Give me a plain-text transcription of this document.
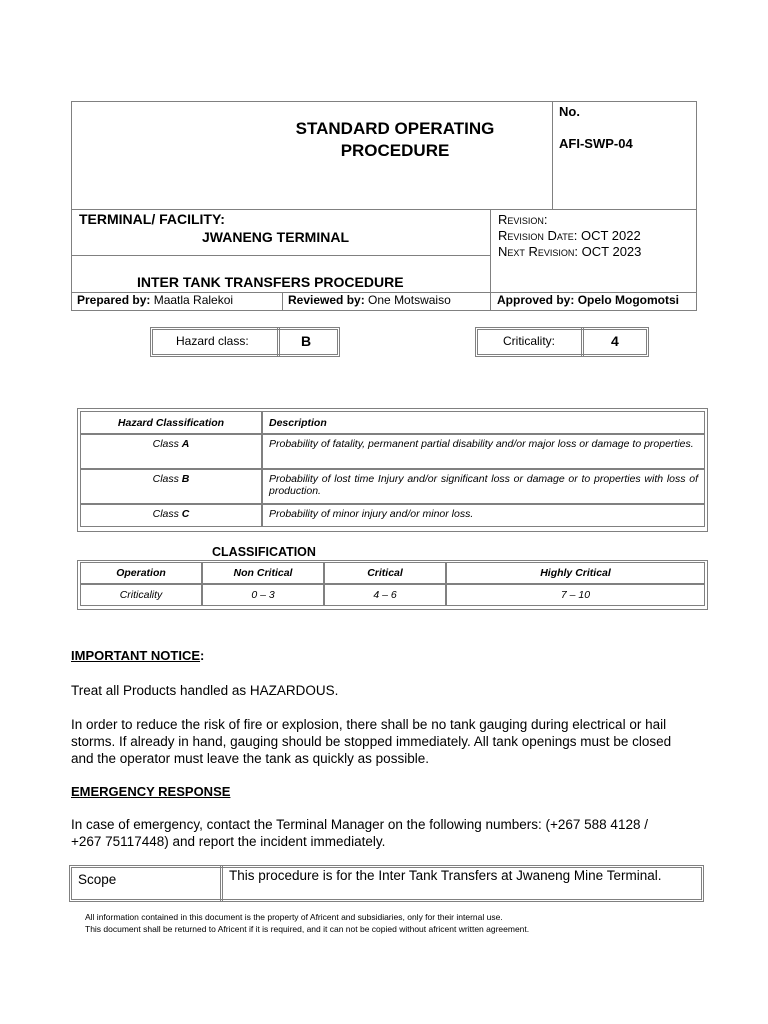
STANDARD OPERATING
PROCEDURE
No.
AFI-SWP-04
TERMINAL/ FACILITY:
JWANENG TERMINAL
INTER TANK TRANSFERS PROCEDURE
Revision:
Revision Date: OCT 2022
Next Revision: OCT 2023
Prepared by: Maatla Ralekoi	Reviewed by: One Motswaiso	Approved by: Opelo Mogomotsi
Hazard class:	B	Criticality:	4
Hazard Classification	Description
Class A	Probability of fatality, permanent partial disability and/or major loss or damage to properties.
Class B	Probability of lost time Injury and/or significant loss or damage or to properties with loss of production.
Class C	Probability of minor injury and/or minor loss.
CLASSIFICATION
Operation	Non Critical	Critical	Highly Critical
Criticality	0 – 3	4 – 6	7 – 10
IMPORTANT NOTICE:
Treat all Products handled as HAZARDOUS.
In order to reduce the risk of fire or explosion, there shall be no tank gauging during electrical or hail storms. If already in hand, gauging should be stopped immediately. All tank openings must be closed and the operator must leave the tank as quickly as possible.
EMERGENCY RESPONSE
In case of emergency, contact the Terminal Manager on the following numbers: (+267 588 4128 / +267 75117448) and report the incident immediately.
Scope	This procedure is for the Inter Tank Transfers at Jwaneng Mine Terminal.
All information contained in this document is the property of Africent and subsidiaries, only for their internal use.
This document shall be returned to Africent if it is required, and it can not be copied without africent written agreement.
